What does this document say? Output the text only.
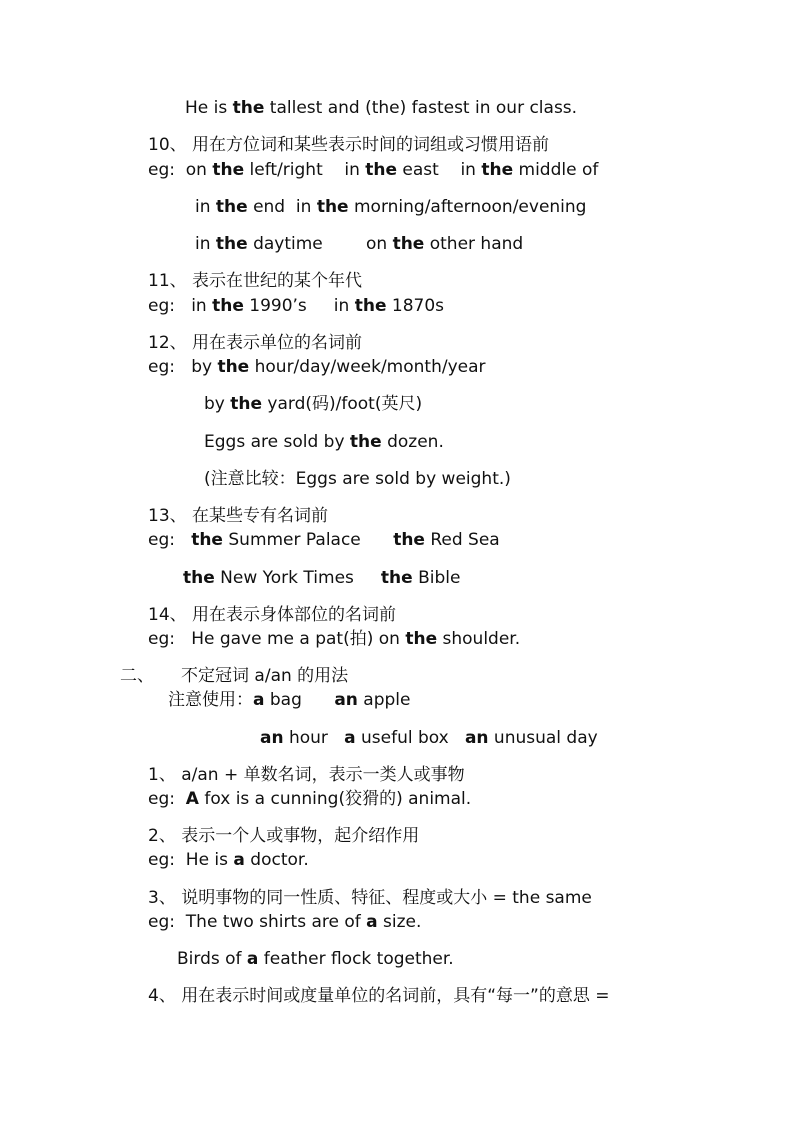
He is the tallest and (the) fastest in our class.
10、 用在方位词和某些表示时间的词组或习惯用语前
eg:  on the left/right    in the east    in the middle of
in the end  in the morning/afternoon/evening
in the daytime        on the other hand
11、 表示在世纪的某个年代
eg:   in the 1990’s     in the 1870s
12、 用在表示单位的名词前
eg:   by the hour/day/week/month/year
by the yard(码)/foot(英尺)
Eggs are sold by the dozen.
(注意比较：Eggs are sold by weight.)
13、 在某些专有名词前
eg:   the Summer Palace      the Red Sea
the New York Times     the Bible
14、 用在表示身体部位的名词前
eg:   He gave me a pat(拍) on the shoulder.
二、     不定冠词 a/an 的用法
注意使用：a bag      an apple
an hour   a useful box   an unusual day
1、 a/an + 单数名词，表示一类人或事物
eg:  A fox is a cunning(狡猾的) animal.
2、 表示一个人或事物，起介绍作用
eg:  He is a doctor.
3、 说明事物的同一性质、特征、程度或大小 = the same
eg:  The two shirts are of a size.
Birds of a feather flock together.
4、 用在表示时间或度量单位的名词前，具有“每一”的意思 =
